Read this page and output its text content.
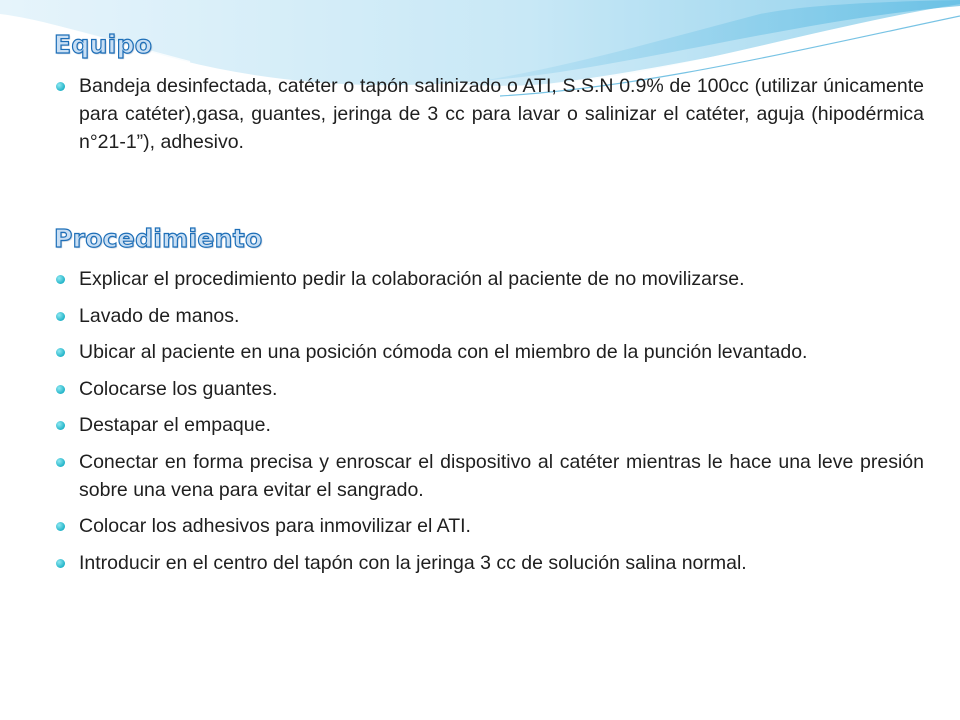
Equipo
Bandeja desinfectada, catéter o tapón salinizado o ATI, S.S.N 0.9% de 100cc (utilizar únicamente para catéter),gasa, guantes, jeringa de 3 cc para lavar o salinizar el catéter, aguja (hipodérmica n°21-1”), adhesivo.
Procedimiento
Explicar el procedimiento pedir la colaboración al paciente de no movilizarse.
Lavado de manos.
Ubicar al paciente en una posición cómoda con el miembro de la punción levantado.
Colocarse los guantes.
Destapar el empaque.
Conectar en forma precisa y enroscar el dispositivo al catéter mientras le hace una leve presión sobre una vena para evitar el sangrado.
Colocar los adhesivos para inmovilizar el ATI.
Introducir en el centro del tapón con la jeringa 3 cc de solución salina normal.
